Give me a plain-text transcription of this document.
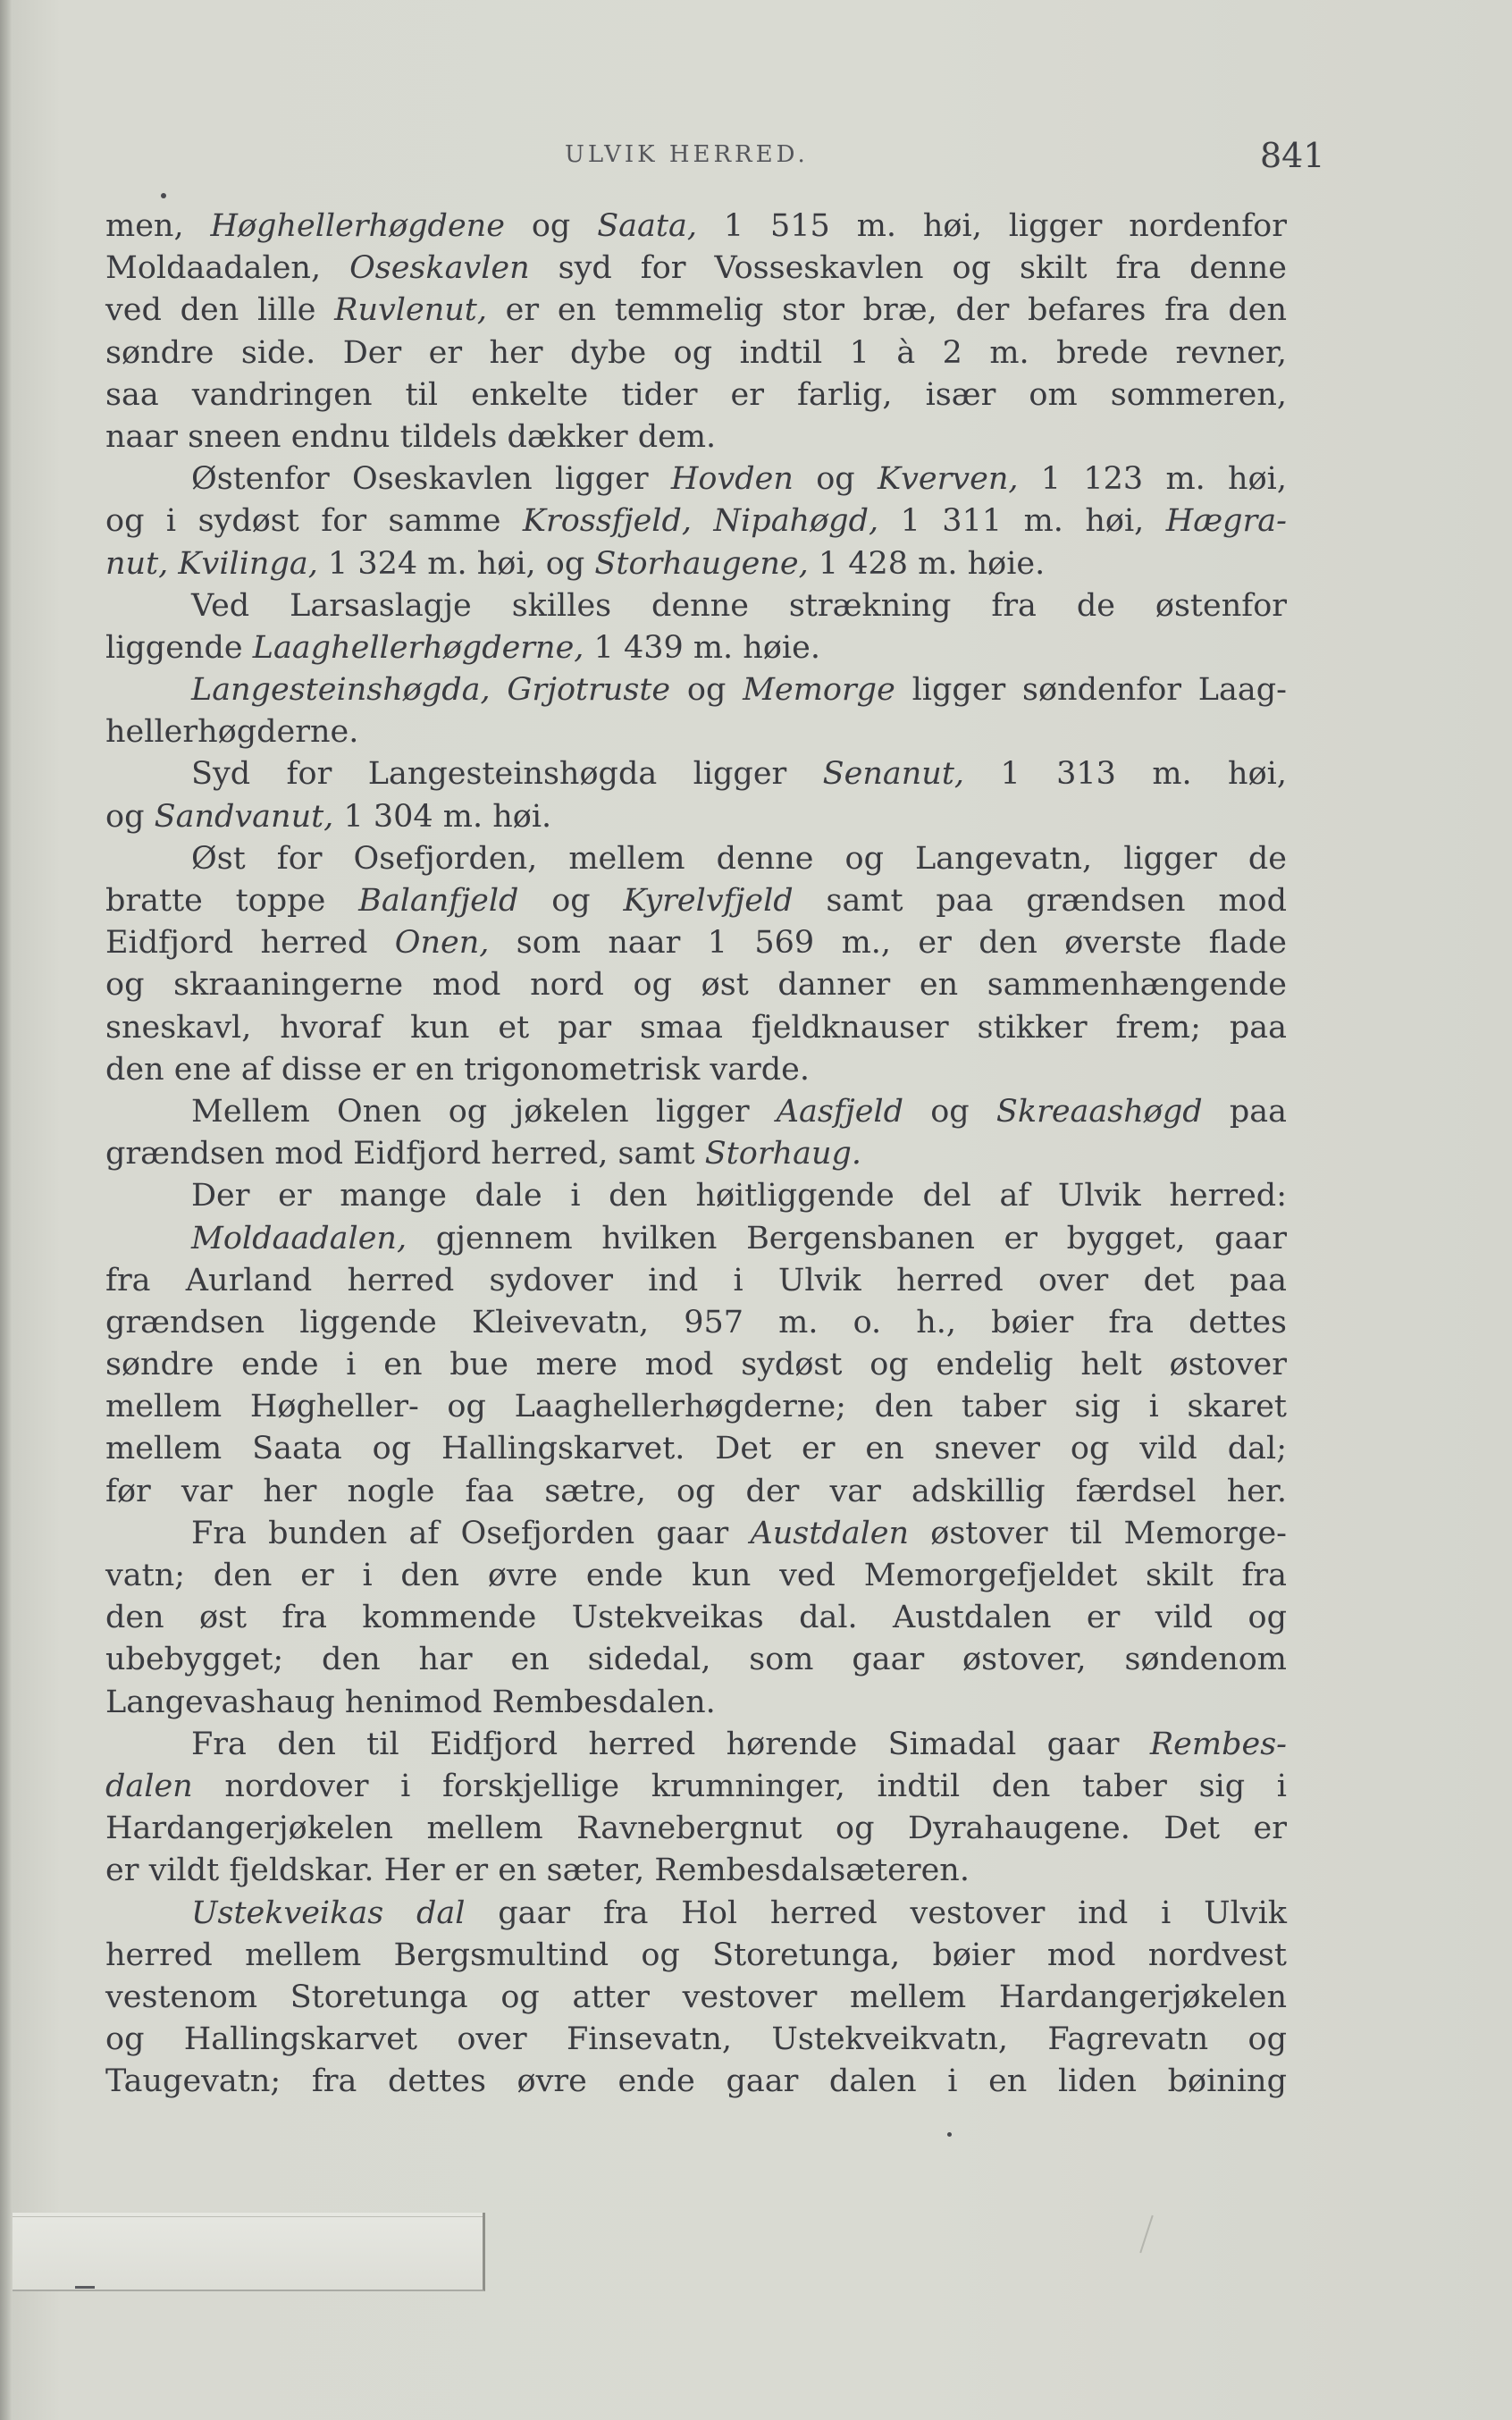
ULVIK HERRED.	841
men, Høghellerhøgdene og Saata, 1 515 m. høi, ligger nordenfor
Moldaadalen, Oseskavlen syd for Vosseskavlen og skilt fra denne
ved den lille Ruvlenut, er en temmelig stor bræ, der befares fra den
søndre side. Der er her dybe og indtil 1 à 2 m. brede revner,
saa vandringen til enkelte tider er farlig, især om sommeren,
naar sneen endnu tildels dækker dem.
Østenfor Oseskavlen ligger Hovden og Kverven, 1 123 m. høi,
og i sydøst for samme Krossfjeld, Nipahøgd, 1 311 m. høi, Hægra-
nut, Kvilinga, 1 324 m. høi, og Storhaugene, 1 428 m. høie.
Ved Larsaslagje skilles denne strækning fra de østenfor
liggende Laaghellerhøgderne, 1 439 m. høie.
Langesteinshøgda, Grjotruste og Memorge ligger søndenfor Laag-
hellerhøgderne.
Syd for Langesteinshøgda ligger Senanut, 1 313 m. høi,
og Sandvanut, 1 304 m. høi.
Øst for Osefjorden, mellem denne og Langevatn, ligger de
bratte toppe Balanfjeld og Kyrelvfjeld samt paa grændsen mod
Eidfjord herred Onen, som naar 1 569 m., er den øverste flade
og skraaningerne mod nord og øst danner en sammenhængende
sneskavl, hvoraf kun et par smaa fjeldknauser stikker frem; paa
den ene af disse er en trigonometrisk varde.
Mellem Onen og jøkelen ligger Aasfjeld og Skreaashøgd paa
grændsen mod Eidfjord herred, samt Storhaug.
Der er mange dale i den høitliggende del af Ulvik herred:
Moldaadalen, gjennem hvilken Bergensbanen er bygget, gaar
fra Aurland herred sydover ind i Ulvik herred over det paa
grændsen liggende Kleivevatn, 957 m. o. h., bøier fra dettes
søndre ende i en bue mere mod sydøst og endelig helt østover
mellem Høgheller- og Laaghellerhøgderne; den taber sig i skaret
mellem Saata og Hallingskarvet. Det er en snever og vild dal;
før var her nogle faa sætre, og der var adskillig færdsel her.
Fra bunden af Osefjorden gaar Austdalen østover til Memorge-
vatn; den er i den øvre ende kun ved Memorgefjeldet skilt fra
den øst fra kommende Ustekveikas dal. Austdalen er vild og
ubebygget; den har en sidedal, som gaar østover, søndenom
Langevashaug henimod Rembesdalen.
Fra den til Eidfjord herred hørende Simadal gaar Rembes-
dalen nordover i forskjellige krumninger, indtil den taber sig i
Hardangerjøkelen mellem Ravnebergnut og Dyrahaugene. Det er
er vildt fjeldskar. Her er en sæter, Rembesdalsæteren.
Ustekveikas dal gaar fra Hol herred vestover ind i Ulvik
herred mellem Bergsmultind og Storetunga, bøier mod nordvest
vestenom Storetunga og atter vestover mellem Hardangerjøkelen
og Hallingskarvet over Finsevatn, Ustekveikvatn, Fagrevatn og
Taugevatn; fra dettes øvre ende gaar dalen i en liden bøining
